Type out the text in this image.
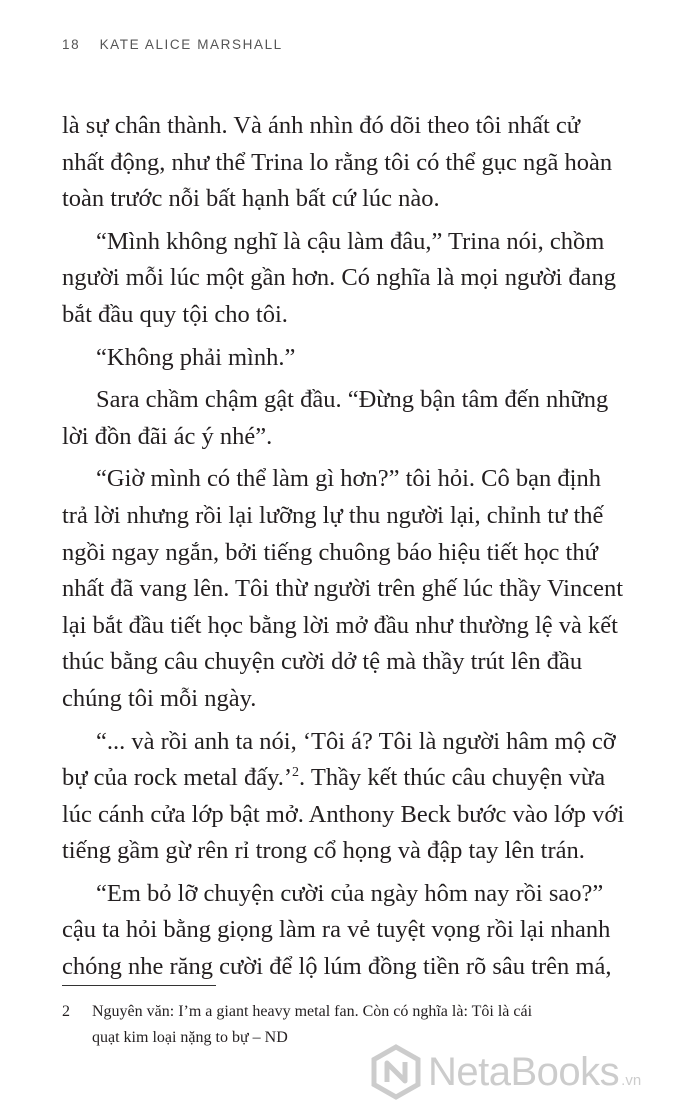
18 KATE ALICE MARSHALL

là sự chân thành. Và ánh nhìn đó dõi theo tôi nhất cử

nhất động, như thể Trina lo rằng tôi có thể gục ngã hoàn

toàn trước nỗi bất hạnh bất cứ lúc nào.

“Mình không nghĩ là cậu làm đâu,” Trina nói, chồm

người mỗi lúc một gần hơn. Có nghĩa là mọi người đang

bắt đầu quy tội cho tôi.

“Không phải mình.”

Sara chầm chậm gật đầu. “Đừng bận tâm đến những

lời đồn đãi ác ý nhé”.

“Giờ mình có thể làm gì hơn?” tôi hỏi. Cô bạn định

trả lời nhưng rồi lại lưỡng lự thu người lại, chỉnh tư thế

ngồi ngay ngắn, bởi tiếng chuông báo hiệu tiết học thứ

nhất đã vang lên. Tôi thừ người trên ghế lúc thầy Vincent

lại bắt đầu tiết học bằng lời mở đầu như thường lệ và kết

thúc bằng câu chuyện cười dở tệ mà thầy trút lên đầu

chúng tôi mỗi ngày.

“... và rồi anh ta nói, ‘Tôi á? Tôi là người hâm mộ cỡ

bự của rock metal đấy.’$^2$. Thầy kết thúc câu chuyện vừa

lúc cánh cửa lớp bật mở. Anthony Beck bước vào lớp với

tiếng gầm gừ rên rỉ trong cổ họng và đập tay lên trán.

“Em bỏ lỡ chuyện cười của ngày hôm nay rồi sao?”

cậu ta hỏi bằng giọng làm ra vẻ tuyệt vọng rồi lại nhanh

chóng nhe răng cười để lộ lúm đồng tiền rõ sâu trên má,

2 Nguyên văn: I’m a giant heavy metal fan. Còn có nghĩa là: Tôi là cái

quạt kim loại nặng to bự – ND

NetaBooks .vn
